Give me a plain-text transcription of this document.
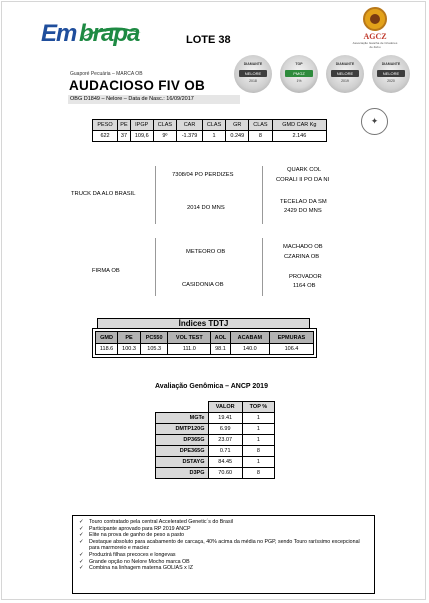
Em brapa	LOTE 38	AGCZ
Associação Gaúcha de Criadores de Zebu
Guaporé Pecuária – MARCA OB
AUDACIOSO FIV OB
OBG D1849 – Nelore – Data de Nasc.: 16/09/2017
DIAMANTE
NELORE
2018
TOP
PMGZ
1%
DIAMANTE
NELORE
2019
DIAMANTE
NELORE
2020
✦
PESO	PE	IPGP	CLAS	CAR	CLAS	GR	CLAS	GMD CAR Kg
622	37	109,6	9º	-1.379	1	0.249	8	2.146
TRUCK DA ALO BRASIL
7308/04 PO PERDIZES
2014 DO MNS
QUARK COL
CORALI II PO DA NI
TECELAO DA SM
2429 DO MNS
FIRMA OB
METEORO OB
CASIDONIA OB
MACHADO OB
CZARINA OB
PROVADOR
1164 OB
Índices TDTJ
GMD	PE	PC550	VOL TEST	AOL	ACABAM	EPMURAS
118.6	100.3	105.3	111.0	98.1	140.0	106.4
Avaliação Genômica – ANCP 2019
	VALOR	TOP %
MGTe	19.41	1
DMTP120G	6.99	1
DP365G	23.07	1
DPE365G	0.71	8
DSTAYG	84.45	1
D3PG	70.60	8
✓ Touro contratado pela central Accelerated Genetic´s do Brasil
✓ Participante aprovado para RP 2019 ANCP
✓ Elite na prova de ganho de peso a pasto
✓ Destaque absoluto para acabamento de carcaça, 40% acima da média no PGP, sendo Touro raríssimo excepcional para marmoreio e maciez
✓ Produzirá filhas precoces e longevas
✓ Grande opção no Nelore Mocho marca OB
✓ Combina na linhagem materna GOLIAS x IZ
